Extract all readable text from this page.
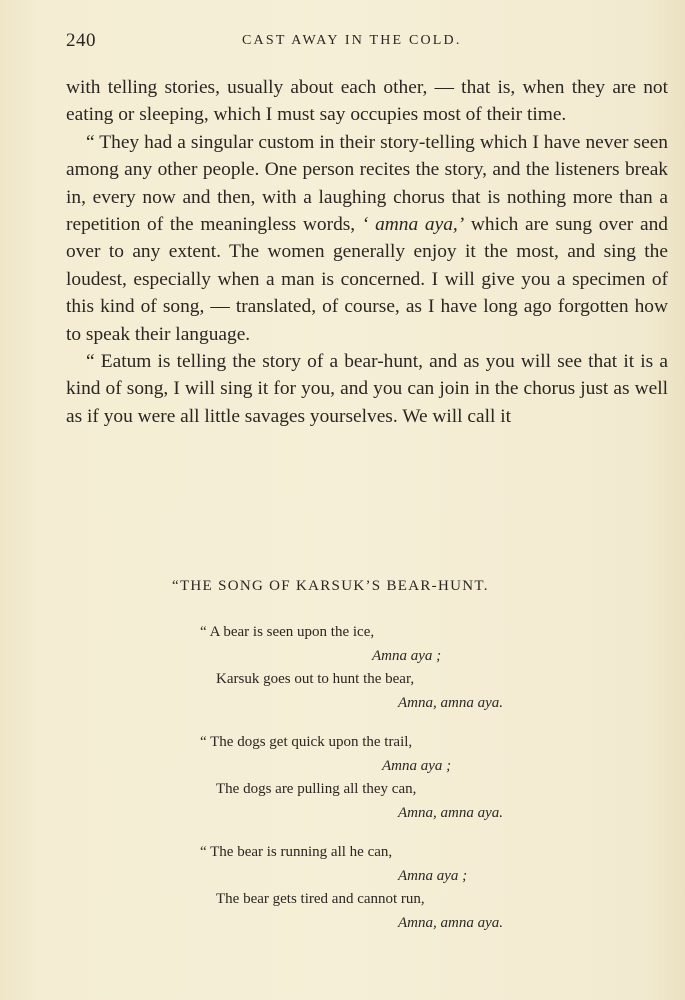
240	CAST AWAY IN THE COLD.

with telling stories, usually about each other, — that is, when they are not eating or sleeping, which I must say occupies most of their time.

“ They had a singular custom in their story-telling which I have never seen among any other people. One person recites the story, and the listeners break in, every now and then, with a laughing chorus that is nothing more than a repetition of the meaningless words, ‘ amna aya,’ which are sung over and over to any extent. The women generally enjoy it the most, and sing the loudest, especially when a man is concerned. I will give you a specimen of this kind of song, — translated, of course, as I have long ago forgotten how to speak their language.

“ Eatum is telling the story of a bear-hunt, and as you will see that it is a kind of song, I will sing it for you, and you can join in the chorus just as well as if you were all little savages yourselves. We will call it

“THE SONG OF KARSUK’S BEAR-HUNT.
“ A bear is seen upon the ice,
Amna aya ;
Karsuk goes out to hunt the bear,
Amna, amna aya.
“ The dogs get quick upon the trail,
Amna aya ;
The dogs are pulling all they can,
Amna, amna aya.
“ The bear is running all he can,
Amna aya ;
The bear gets tired and cannot run,
Amna, amna aya.
